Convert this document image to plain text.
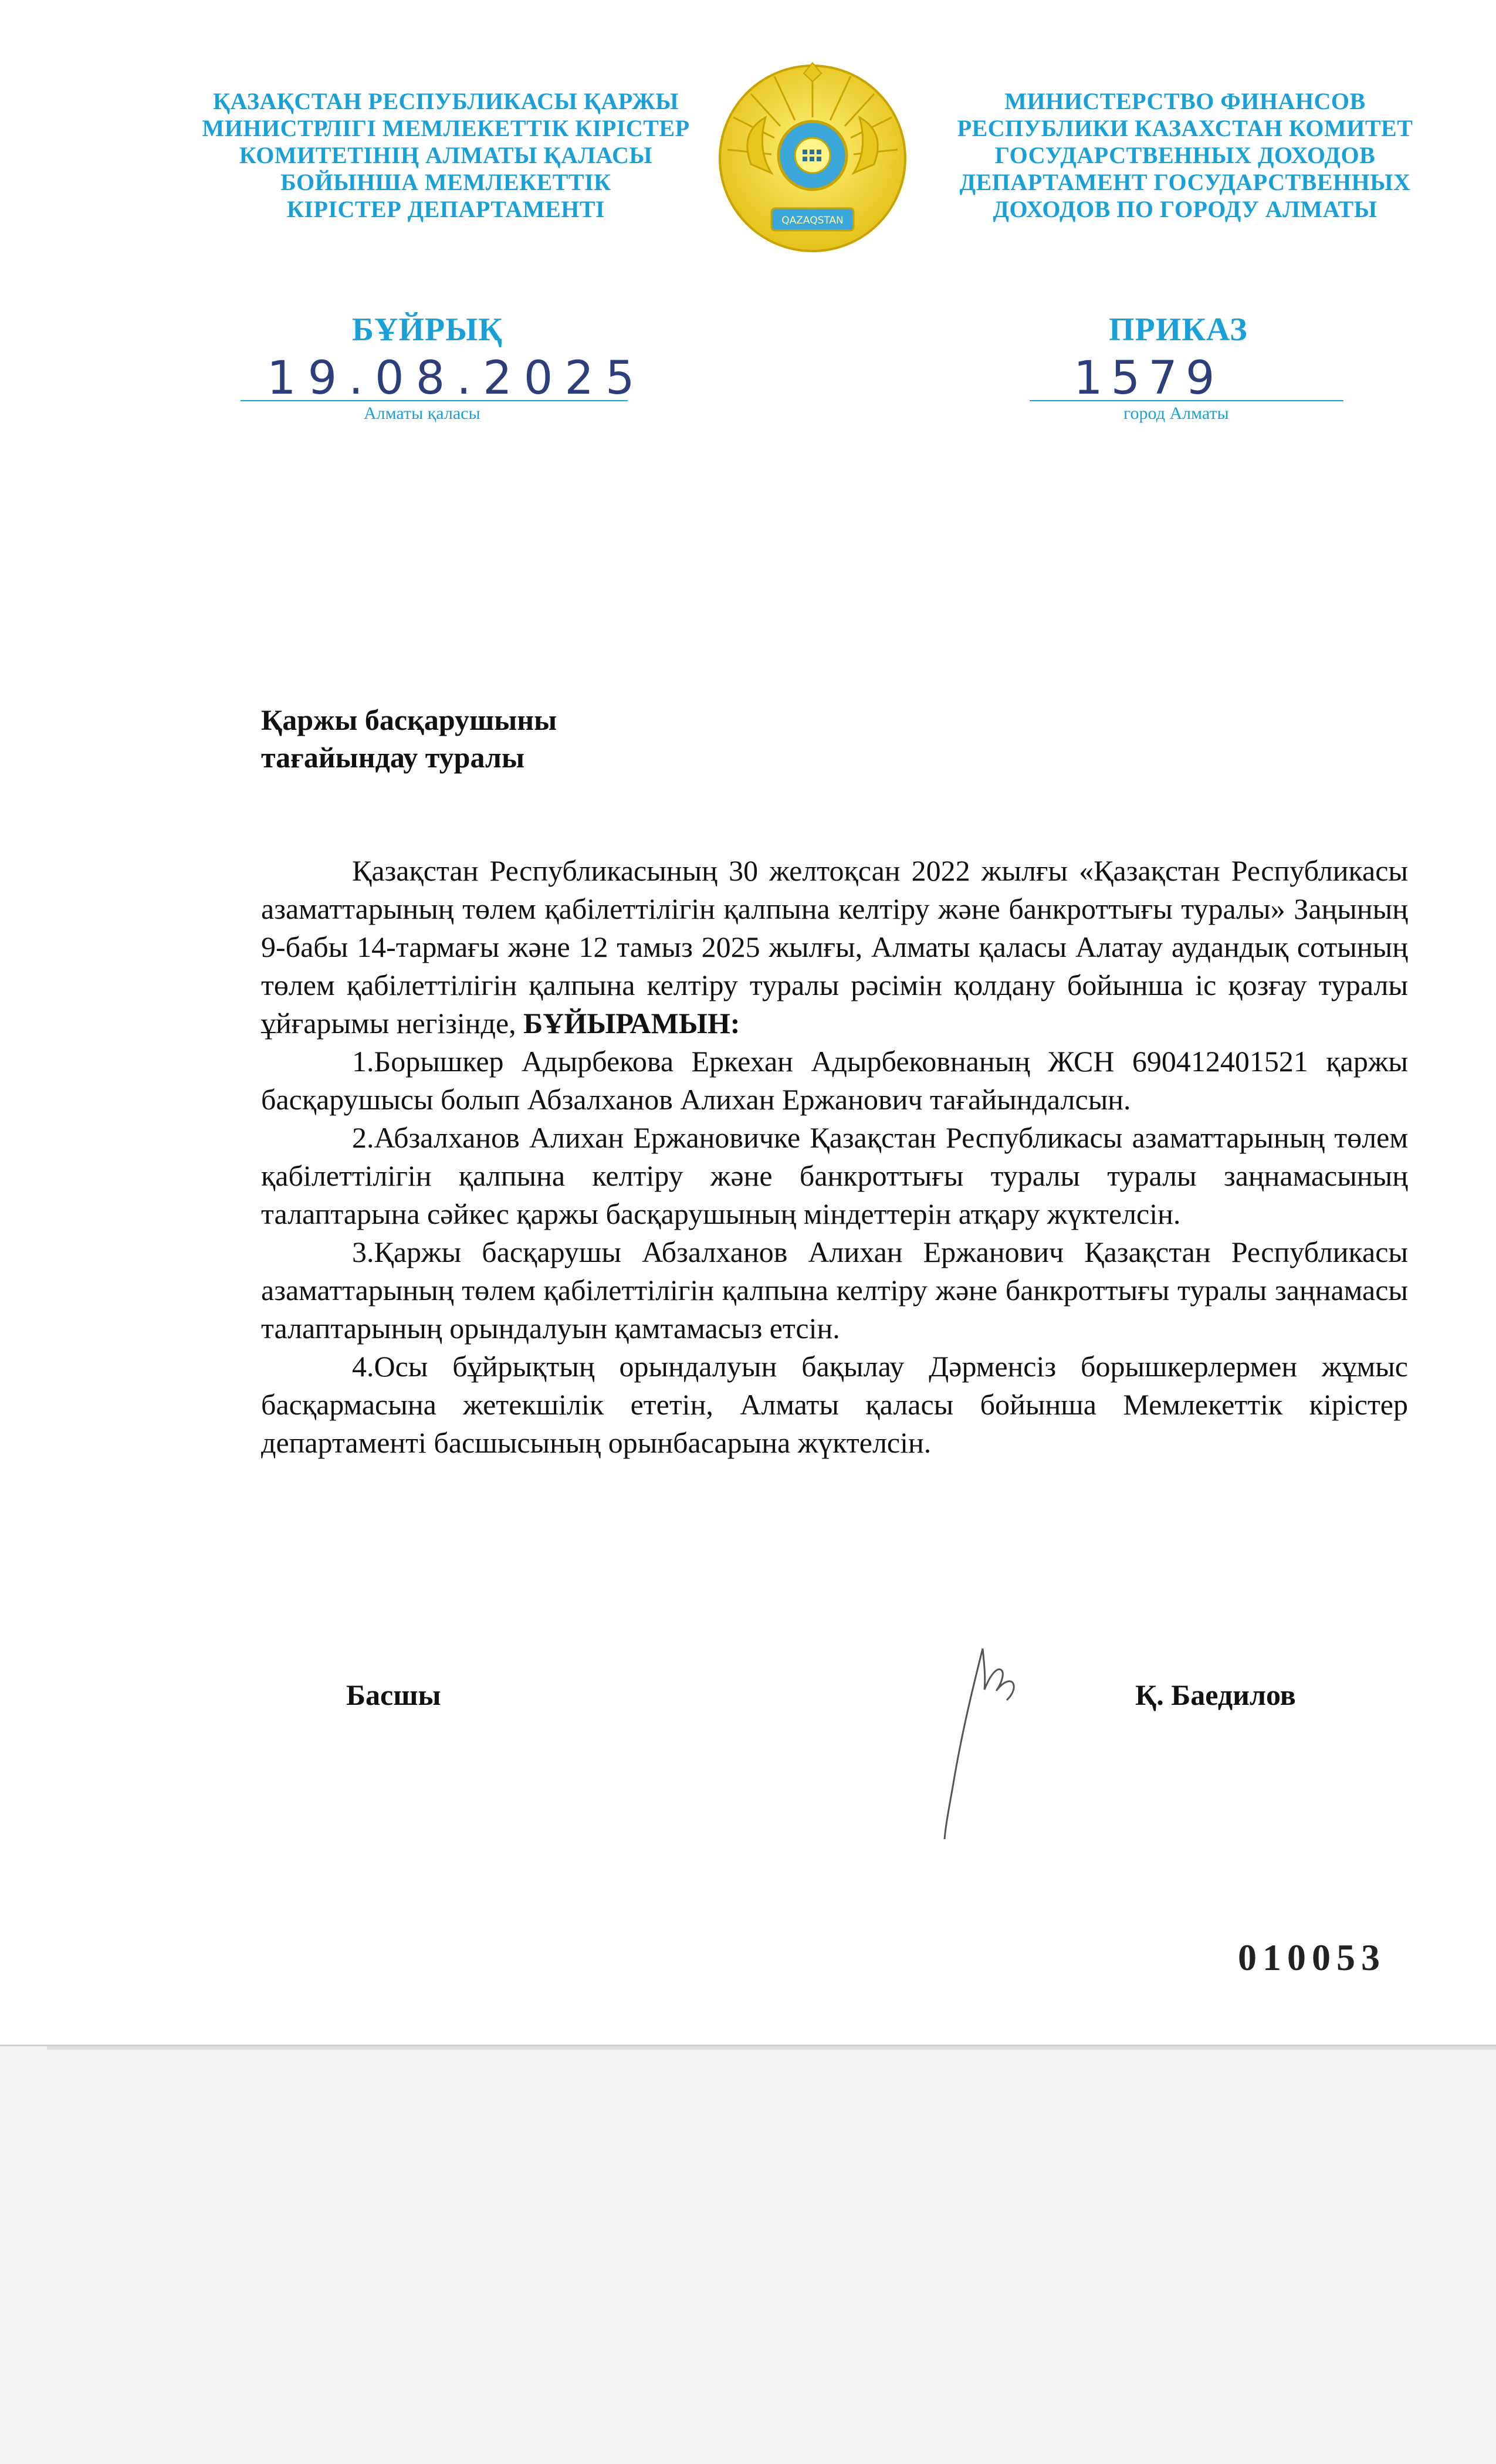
ҚАЗАҚСТАН РЕСПУБЛИКАСЫ ҚАРЖЫ
МИНИСТРЛІГІ МЕМЛЕКЕТТІК КІРІСТЕР
КОМИТЕТІНІҢ АЛМАТЫ ҚАЛАСЫ
БОЙЫНША МЕМЛЕКЕТТІК
КІРІСТЕР ДЕПАРТАМЕНТІ	QAZAQSTAN
МИНИСТЕРСТВО ФИНАНСОВ
РЕСПУБЛИКИ КАЗАХСТАН КОМИТЕТ
ГОСУДАРСТВЕННЫХ ДОХОДОВ
ДЕПАРТАМЕНТ ГОСУДАРСТВЕННЫХ
ДОХОДОВ ПО ГОРОДУ АЛМАТЫ
БҰЙРЫҚ	ПРИКАЗ
19.08.2025	1579
Алматы қаласы	город Алматы
Қаржы басқарушыны
тағайындау туралы

Қазақстан Республикасының 30 желтоқсан 2022 жылғы «Қазақстан Республикасы азаматтарының төлем қабілеттілігін қалпына келтіру және банкроттығы туралы» Заңының 9-бабы 14-тармағы және 12 тамыз 2025 жылғы, Алматы қаласы Алатау аудандық сотының төлем қабілеттілігін қалпына келтіру туралы рәсімін қолдану бойынша іс қозғау туралы ұйғарымы негізінде, БҰЙЫРАМЫН:

1.Борышкер Адырбекова Еркехан Адырбековнаның ЖСН 690412401521 қаржы басқарушысы болып Абзалханов Алихан Ержанович тағайындалсын.

2.Абзалханов Алихан Ержановичке Қазақстан Республикасы азаматтарының төлем қабілеттілігін қалпына келтіру және банкроттығы туралы туралы заңнамасының талаптарына сәйкес қаржы басқарушының міндеттерін атқару жүктелсін.

3.Қаржы басқарушы Абзалханов Алихан Ержанович Қазақстан Республикасы азаматтарының төлем қабілеттілігін қалпына келтіру және банкроттығы туралы заңнамасы талаптарының орындалуын қамтамасыз етсін.

4.Осы бұйрықтың орындалуын бақылау Дәрменсіз борышкерлермен жұмыс басқармасына жетекшілік ететін, Алматы қаласы бойынша Мемлекеттік кірістер департаменті басшысының орынбасарына жүктелсін.

Басшы	Қ. Баедилов
010053
